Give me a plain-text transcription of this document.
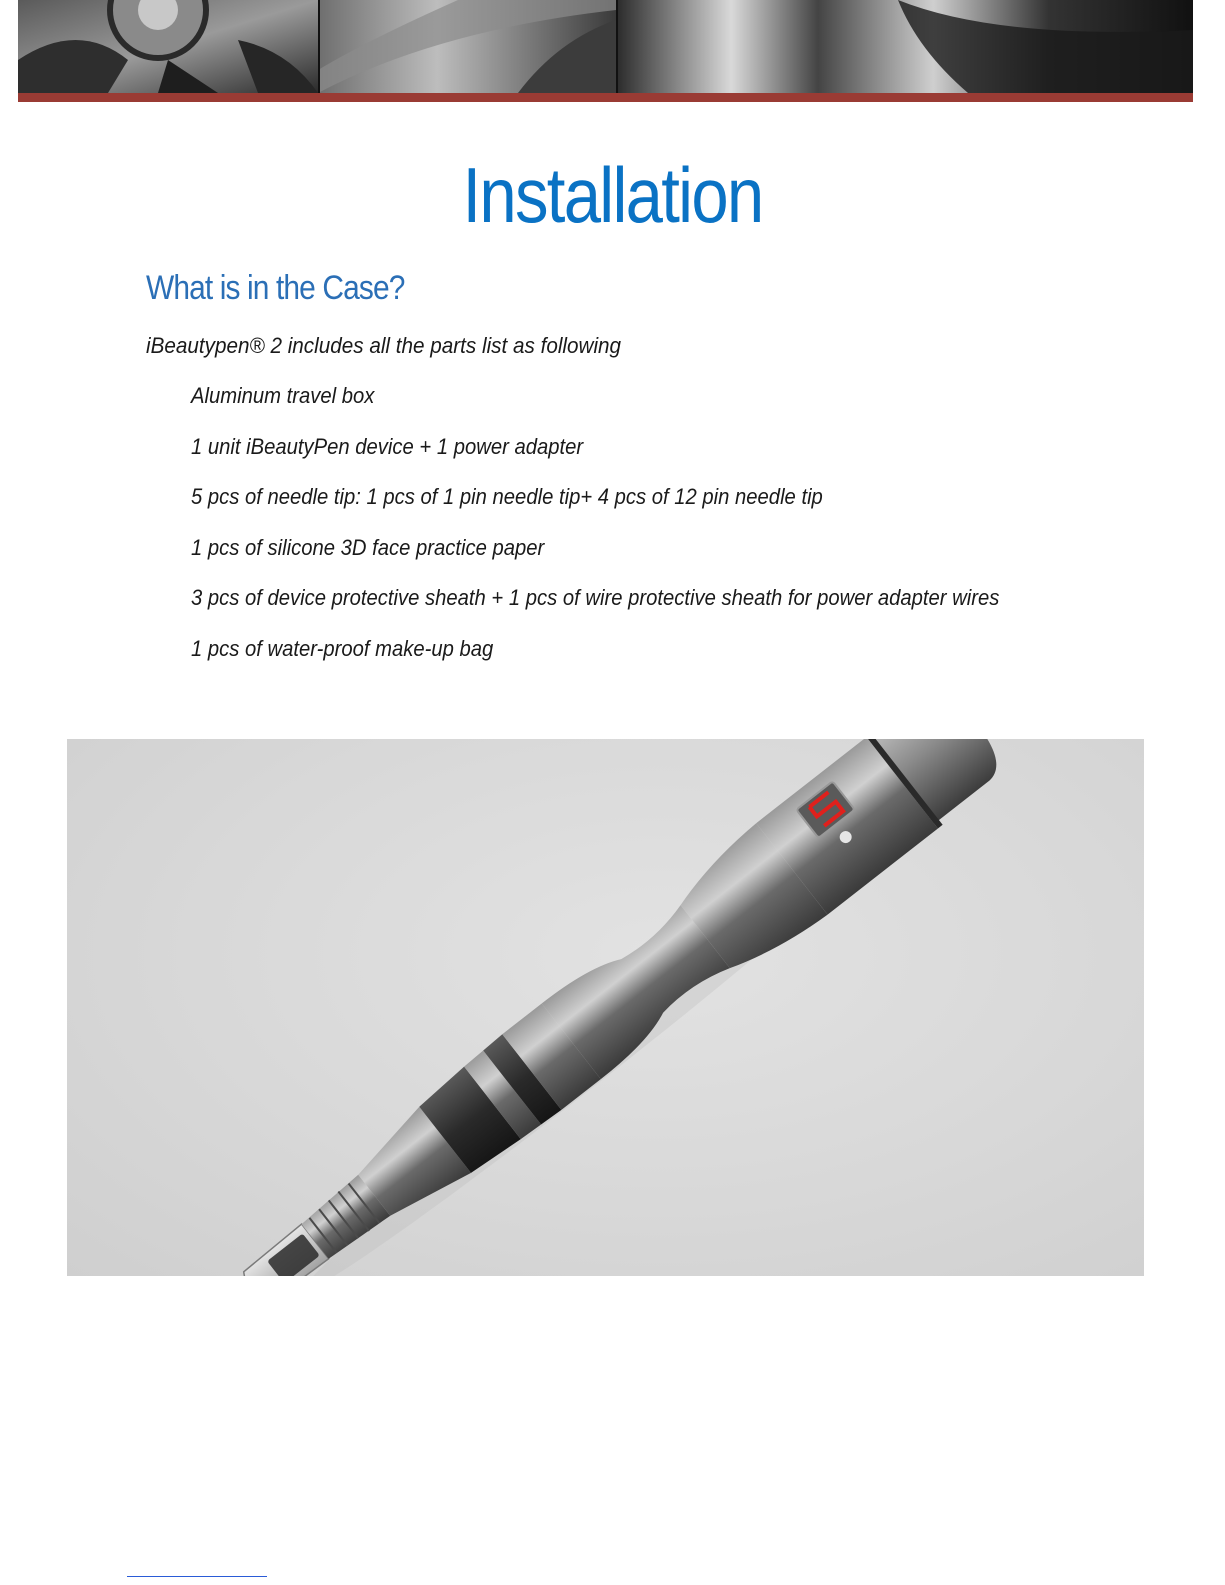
Installation
What is in the Case?
iBeautypen® 2 includes all the parts list as following
Aluminum travel box
1 unit iBeautyPen device + 1 power adapter
5 pcs of needle tip: 1 pcs of 1 pin needle tip+ 4 pcs of 12 pin needle tip
1 pcs of silicone 3D face practice paper
3 pcs of device protective sheath + 1 pcs of wire protective sheath for power adapter wires
1 pcs of water-proof make-up bag
